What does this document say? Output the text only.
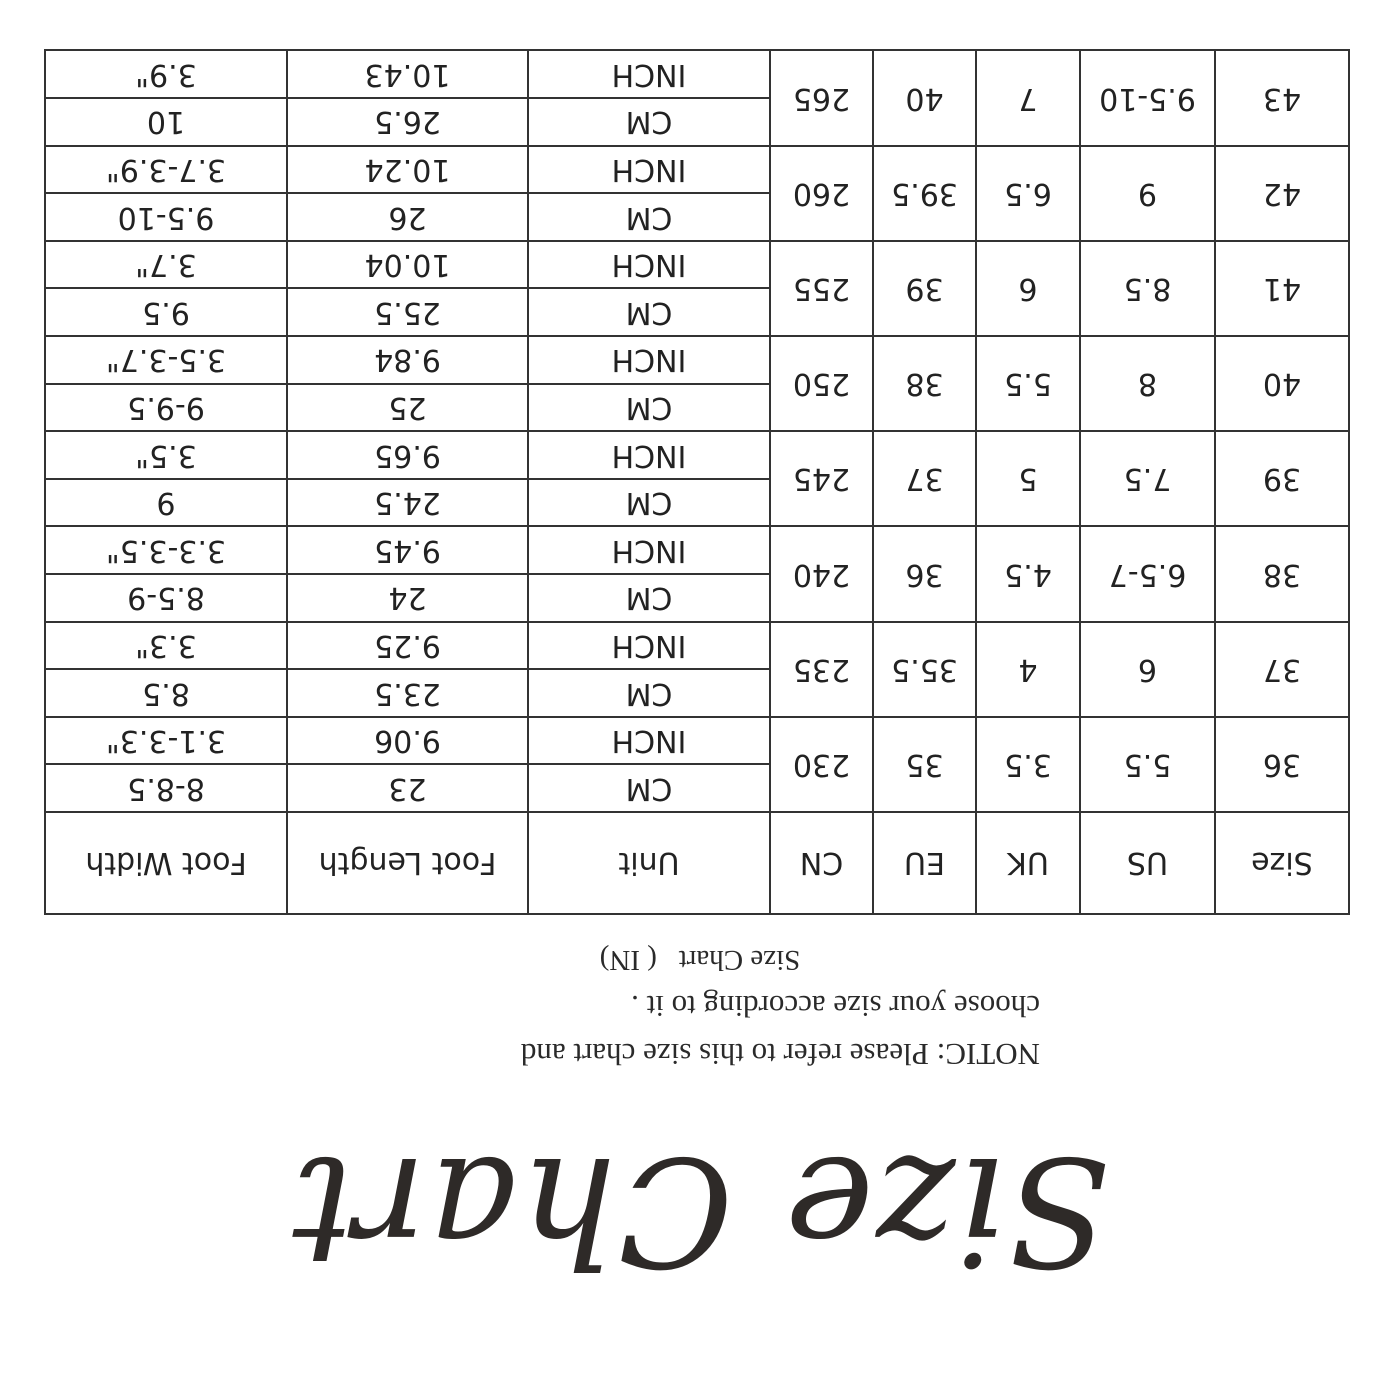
Size Chart
NOTIC: Please refer to this size chart and
choose your size according to it .
Size Chart   ( IN)
Size	US	UK	EU	CN	Unit	Foot Length	Foot Width
36	5.5	3.5	35	230	CM	23	8-8.5
					INCH	9.06	3.1-3.3"
37	6	4	35.5	235	CM	23.5	8.5
					INCH	9.25	3.3"
38	6.5-7	4.5	36	240	CM	24	8.5-9
					INCH	9.45	3.3-3.5"
39	7.5	5	37	245	CM	24.5	9
					INCH	9.65	3.5"
40	8	5.5	38	250	CM	25	9-9.5
					INCH	9.84	3.5-3.7"
41	8.5	6	39	255	CM	25.5	9.5
					INCH	10.04	3.7"
42	9	6.5	39.5	260	CM	26	9.5-10
					INCH	10.24	3.7-3.9"
43	9.5-10	7	40	265	CM	26.5	10
					INCH	10.43	3.9"
